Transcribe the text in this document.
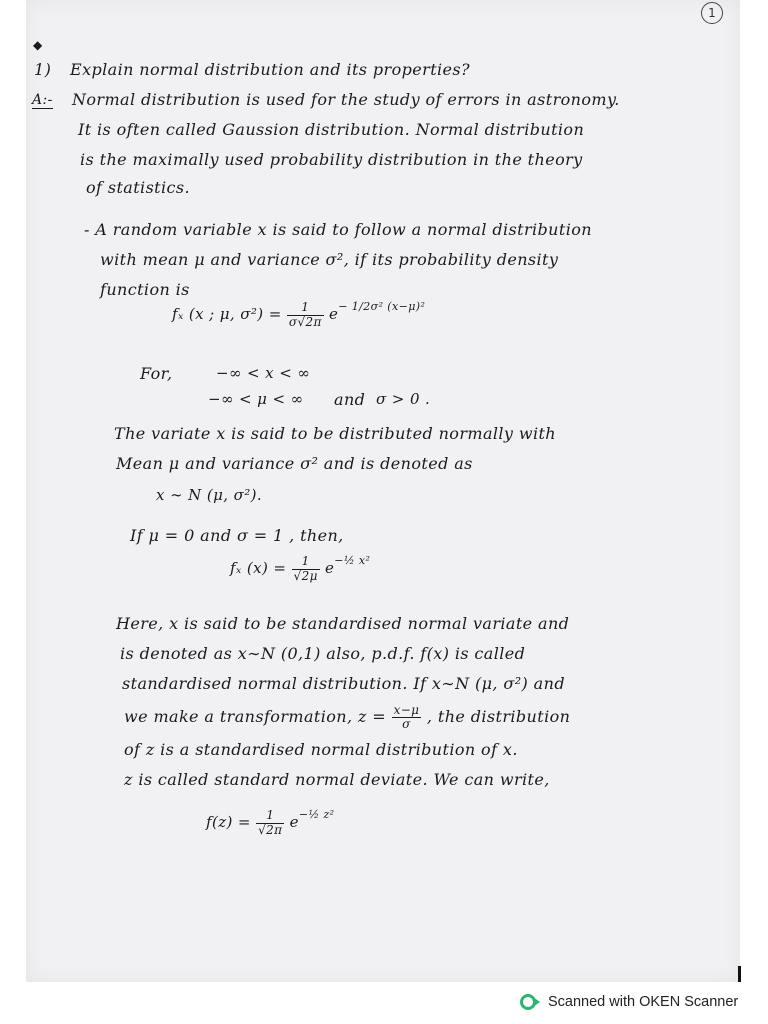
1
◆
1) Explain normal distribution and its properties?
A:- Normal distribution is used for the study of errors in astronomy.
It is often called Gaussion distribution. Normal distribution
is the maximally used probability distribution in the theory
of statistics.
- A random variable x is said to follow a normal distribution
with mean μ and variance σ², if its probability density
function is
fₓ (x ; μ, $\sigma^2) = \frac{1}{\sigma√2\pi} e^{- 1/2\sigma^2 (x-\mu)^2}$
For,	−∞ < x < ∞
−∞ < μ < ∞ and σ > 0 .
The variate x is said to be distributed normally with
Mean μ and variance σ² and is denoted as
x ∼ N (μ, σ²).
If μ = 0 and σ = 1 , then,
fₓ $(x) = \frac{1}{√2\mu} e^{-\frac{1}{2} x^2}$
Here, x is said to be standardised normal variate and
is denoted as x∼N (0,1) also, p.d.f. f(x) is called
standardised normal distribution. If x∼N (μ, σ²) and
we make a transformation, $z = \frac{x-\mu}{\sigma}$ , the distribution
of z is a standardised normal distribution of x.
z is called standard normal deviate. We can write,
$f(z) = \frac{1}{√2\pi} e^{-\frac{1}{2} z^2}$
Scanned with OKEN Scanner
